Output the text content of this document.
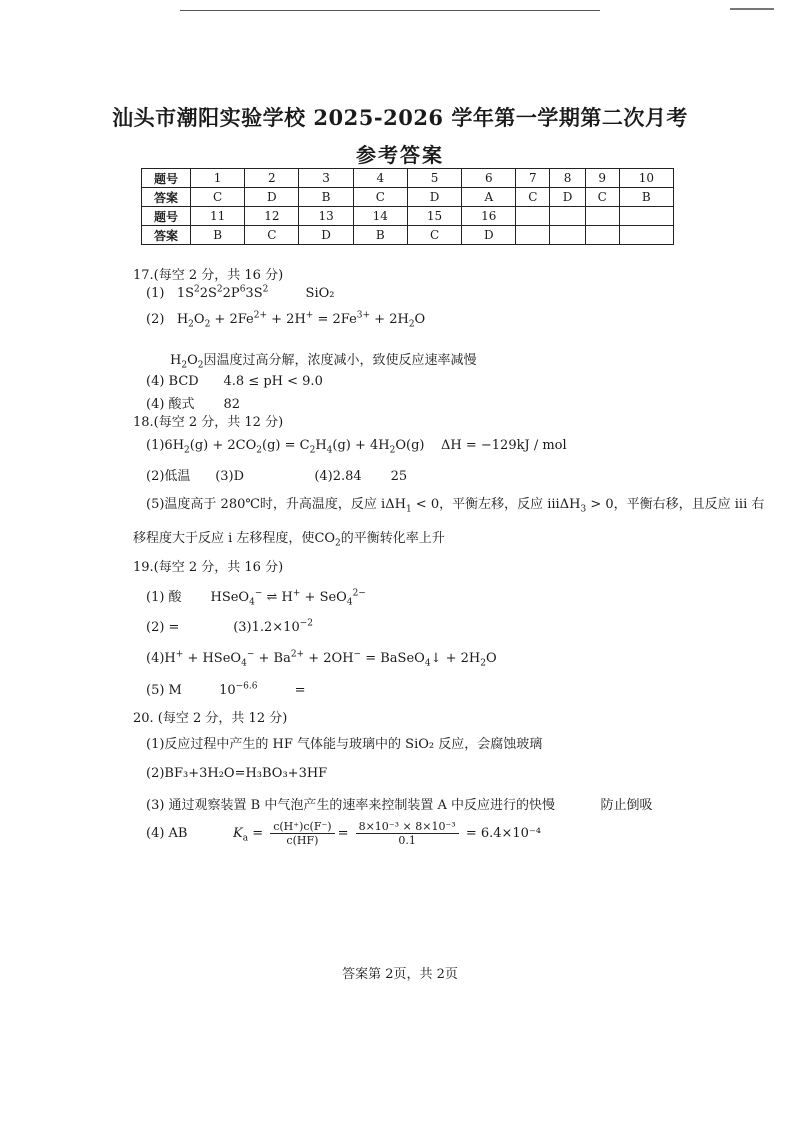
汕头市潮阳实验学校 2025-2026 学年第一学期第二次月考
参考答案
题号	1	2	3	4	5	6	7	8	9	10
答案	C	D	B	C	D	A	C	D	C	B
题号	11	12	13	14	15	16				
答案	B	C	D	B	C	D				
17.(每空 2 分，共 16 分)
(1)   $1S^22S^22P^63S^2$	SiO₂
(2)   $H_2O_2 + 2Fe^{2+} + 2H^+ = 2Fe^{3+} + 2H_2O$
$H_2O_2$因温度过高分解，浓度减小，致使反应速率减慢
(4) BCD 4.8 ≤ pH < 9.0
(4) 酸式 82
18.(每空 2 分，共 12 分)
$(1)6H_2(g) + 2CO_2(g) = C_2H_4(g) + 4H_2O(g)$    ΔH = −129kJ / mol
(2)低温 (3)D	(4)2.84 25
(5)温度高于 280℃时，升高温度，反应 iΔH$_1$ < 0，平衡左移，反应 iiiΔH$_3$ > 0，平衡右移，且反应 iii 右
移程度大于反应 i 左移程度，使$CO_2$的平衡转化率上升
19.(每空 2 分，共 16 分)
(1) 酸       HSeO$_4$− ⇌ H+ + SeO$_4^{2-}$
(2) =	$(3)1.2\times 10^{-2}$
(4)H+ + HSeO$_4$− + $Ba^{2+} + 2OH^-$ = BaSeO$_4$↓ + $2H_2O$
(5) M	$10^{-6.6}$	=
20. (每空 2 分，共 12 分)
(1)反应过程中产生的 HF 气体能与玻璃中的 SiO₂ 反应，会腐蚀玻璃
(2)BF₃+3H₂O=H₃BO₃+3HF
(3) 通过观察装置 B 中气泡产生的速率来控制装置 A 中反应进行的快慢	防止倒吸
(4) AB	$K_a = \frac{c(H^+)c(F^-)}{c(HF)} = \frac{\text{8×10⁻³ × 8×10⁻³}}{0.1} = 6.4\times 10^{-4}$
答案第 2页，共 2页
